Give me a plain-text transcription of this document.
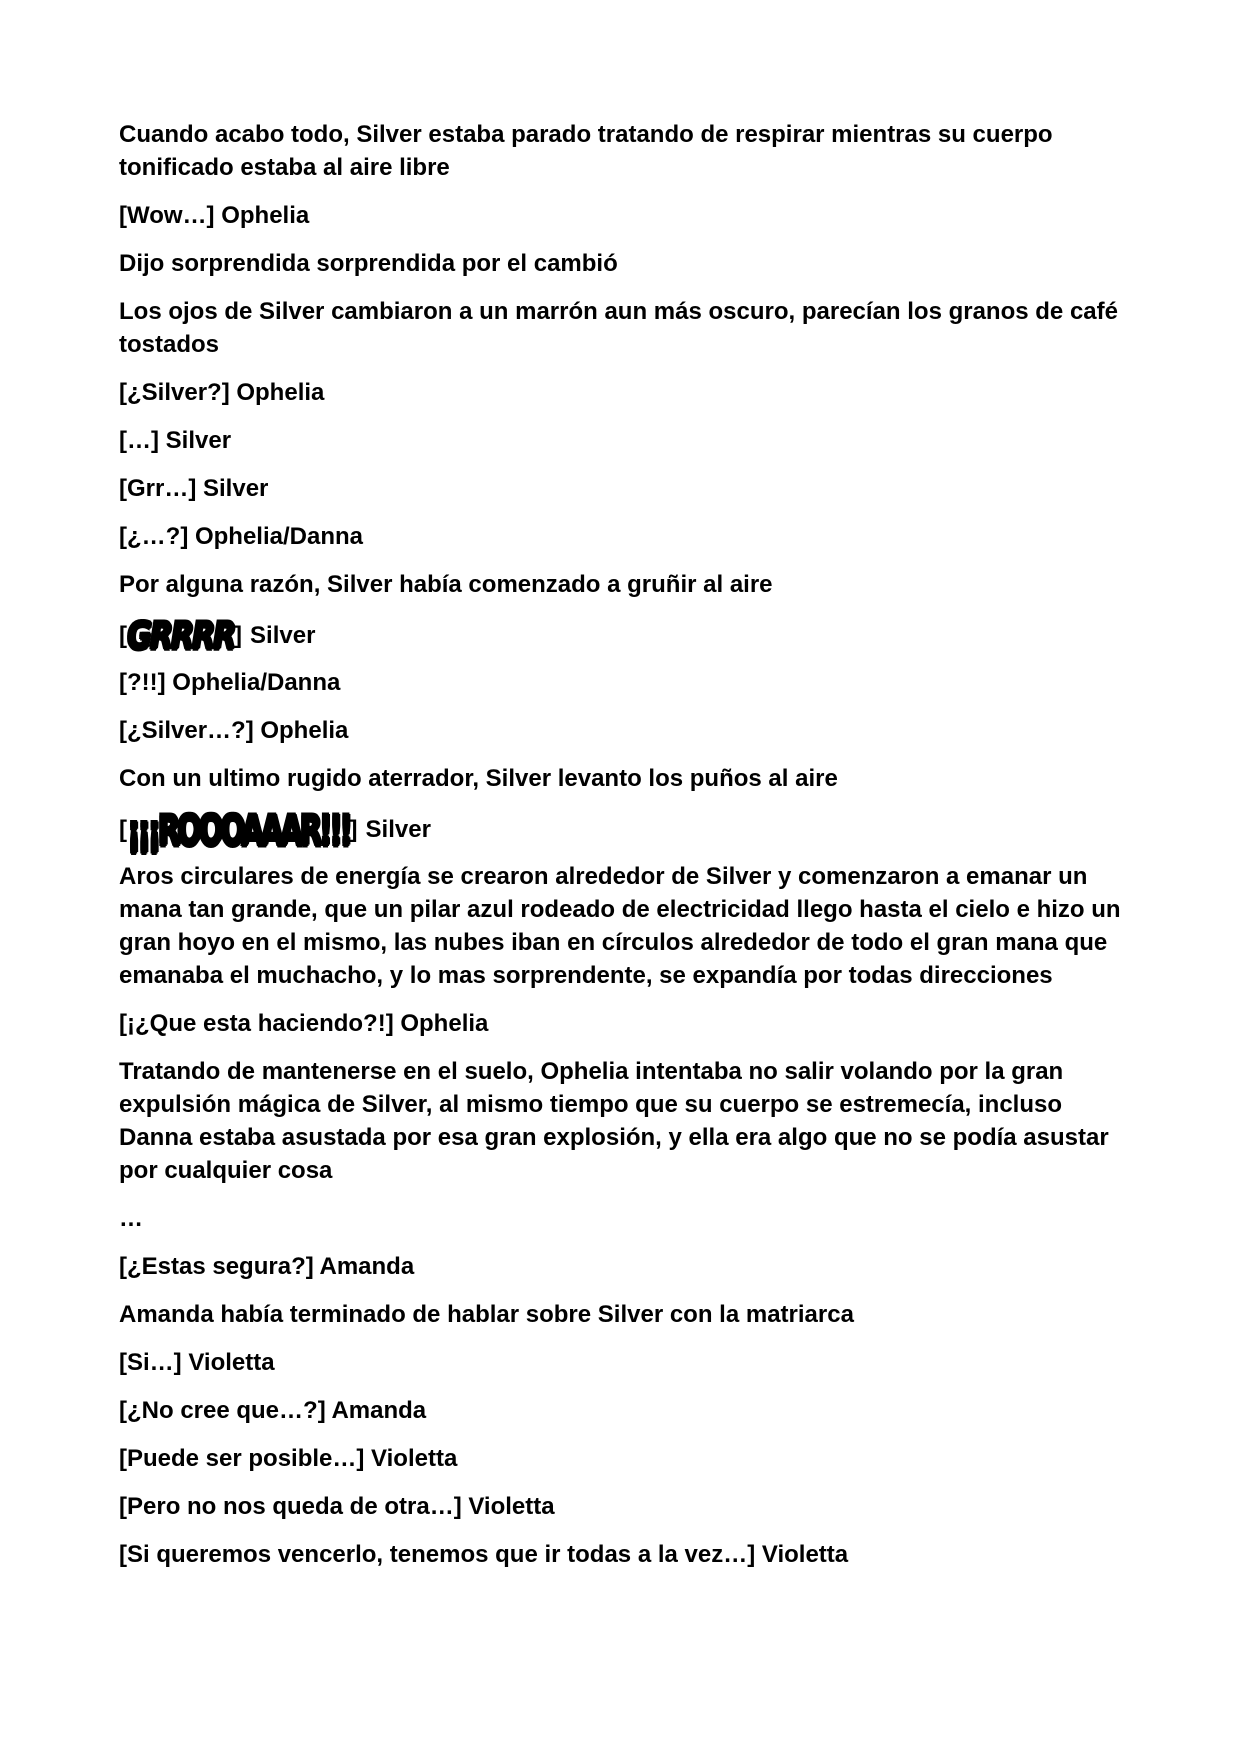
Cuando acabo todo, Silver estaba parado tratando de respirar mientras su cuerpo tonificado estaba al aire libre

[Wow…] Ophelia

Dijo sorprendida sorprendida por el cambió

Los ojos de Silver cambiaron a un marrón aun más oscuro, parecían los granos de café tostados

[¿Silver?] Ophelia

[…] Silver

[Grr…] Silver

[¿…?] Ophelia/Danna

Por alguna razón, Silver había comenzado a gruñir al aire

[ GRRRR ] Silver

[?!!] Ophelia/Danna

[¿Silver…?] Ophelia

Con un ultimo rugido aterrador, Silver levanto los puños al aire

[ ¡¡¡ROOOAAAR!!! ] Silver

Aros circulares de energía se crearon alrededor de Silver y comenzaron a emanar un mana tan grande, que un pilar azul rodeado de electricidad llego hasta el cielo e hizo un gran hoyo en el mismo, las nubes iban en círculos alrededor de todo el gran mana que emanaba el muchacho, y lo mas sorprendente, se expandía por todas direcciones

[¡¿Que esta haciendo?!] Ophelia

Tratando de mantenerse en el suelo, Ophelia intentaba no salir volando por la gran expulsión mágica de Silver, al mismo tiempo que su cuerpo se estremecía, incluso Danna estaba asustada por esa gran explosión, y ella era algo que no se podía asustar por cualquier cosa

…

[¿Estas segura?] Amanda

Amanda había terminado de hablar sobre Silver con la matriarca

[Si…] Violetta

[¿No cree que…?] Amanda

[Puede ser posible…] Violetta

[Pero no nos queda de otra…] Violetta

[Si queremos vencerlo, tenemos que ir todas a la vez…] Violetta
